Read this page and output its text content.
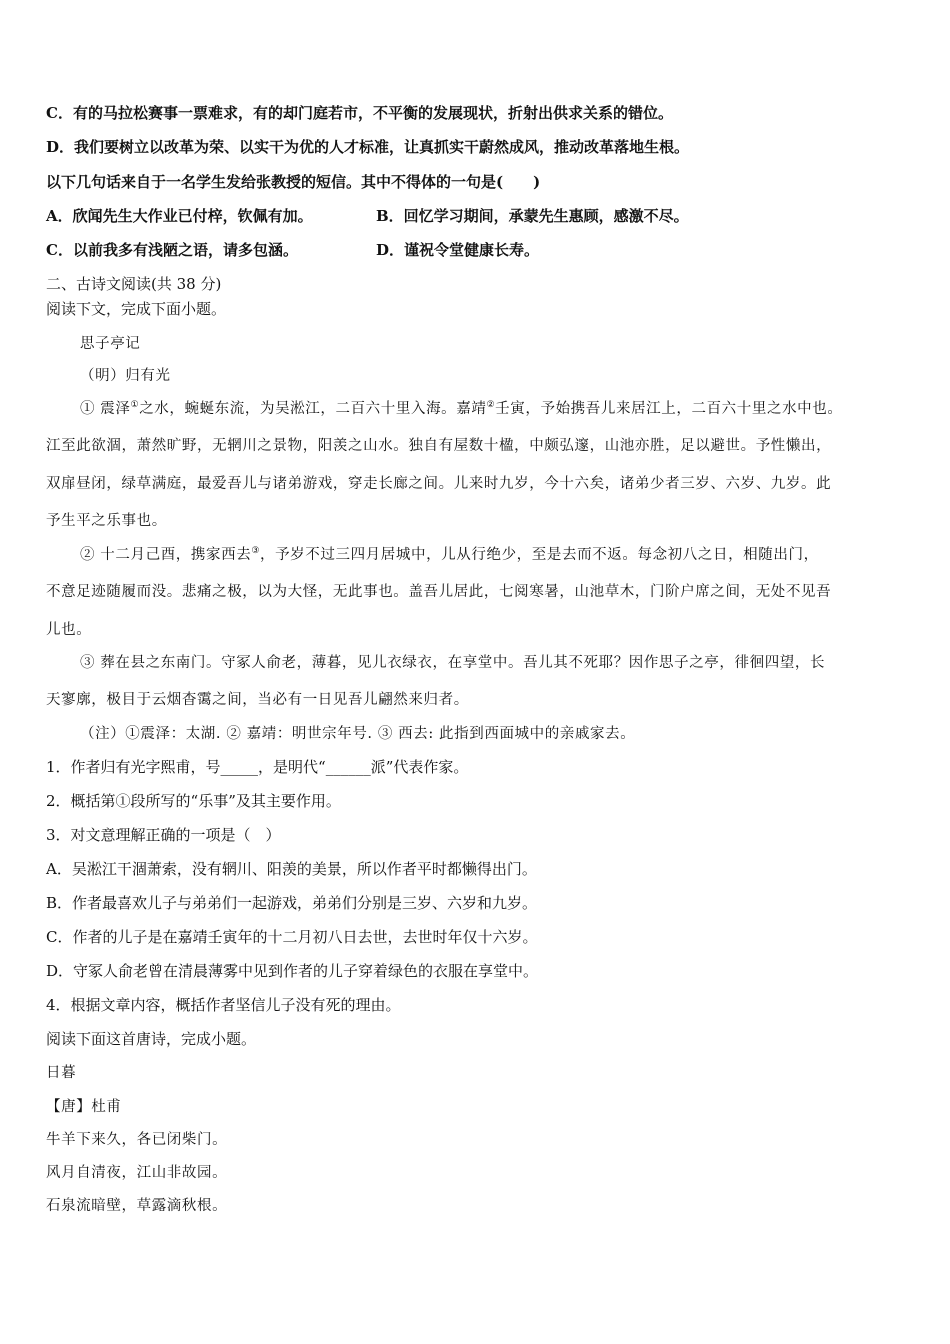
C．有的马拉松赛事一票难求，有的却门庭若市，不平衡的发展现状，折射出供求关系的错位。
D．我们要树立以改革为荣、以实干为优的人才标准，让真抓实干蔚然成风，推动改革落地生根。
以下几句话来自于一名学生发给张教授的短信。其中不得体的一句是(　　)
A．欣闻先生大作业已付梓，钦佩有加。	B．回忆学习期间，承蒙先生惠顾，感激不尽。
C．以前我多有浅陋之语，请多包涵。	D．谨祝令堂健康长寿。
二、古诗文阅读(共 38 分)
阅读下文，完成下面小题。
思子亭记
（明）归有光
① 震泽①之水，蜿蜒东流，为吴淞江，二百六十里入海。嘉靖②壬寅，予始携吾儿来居江上，二百六十里之水中也。
江至此欲涸，萧然旷野，无辋川之景物，阳羡之山水。独自有屋数十楹，中颇弘邃，山池亦胜，足以避世。予性懒出，
双扉昼闭，绿草满庭，最爱吾儿与诸弟游戏，穿走长廊之间。儿来时九岁，今十六矣，诸弟少者三岁、六岁、九岁。此
予生平之乐事也。
② 十二月己酉，携家西去③，予岁不过三四月居城中，儿从行绝少，至是去而不返。每念初八之日，相随出门，
不意足迹随履而没。悲痛之极，以为大怪，无此事也。盖吾儿居此，七阅寒暑，山池草木，门阶户席之间，无处不见吾
儿也。
③ 葬在县之东南门。守冢人俞老，薄暮，见儿衣绿衣，在享堂中。吾儿其不死耶？因作思子之亭，徘徊四望，长
天寥廓，极目于云烟杳霭之间，当必有一日见吾儿翩然来归者。
（注）①震泽：太湖. ② 嘉靖：明世宗年号. ③ 西去: 此指到西面城中的亲戚家去。
1．作者归有光字熙甫，号_____，是明代“______派”代表作家。
2．概括第①段所写的“乐事”及其主要作用。
3．对文意理解正确的一项是（　）
A．吴淞江干涸萧索，没有辋川、阳羡的美景，所以作者平时都懒得出门。
B．作者最喜欢儿子与弟弟们一起游戏，弟弟们分别是三岁、六岁和九岁。
C．作者的儿子是在嘉靖壬寅年的十二月初八日去世，去世时年仅十六岁。
D．守冢人俞老曾在清晨薄雾中见到作者的儿子穿着绿色的衣服在享堂中。
4．根据文章内容，概括作者坚信儿子没有死的理由。
阅读下面这首唐诗，完成小题。
日暮
【唐】杜甫
牛羊下来久，各已闭柴门。
风月自清夜，江山非故园。
石泉流暗壁，草露滴秋根。
